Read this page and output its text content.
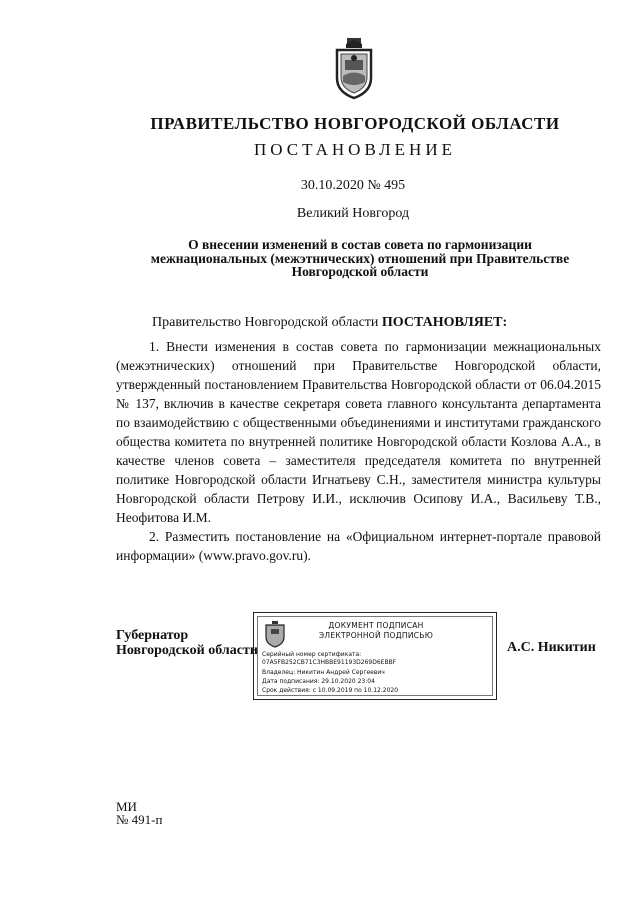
ПРАВИТЕЛЬСТВО НОВГОРОДСКОЙ ОБЛАСТИ
ПОСТАНОВЛЕНИЕ
30.10.2020 № 495
Великий Новгород
О внесении изменений в состав совета по гармонизации
межнациональных (межэтнических) отношений при Правительстве
Новгородской области
Правительство Новгородской области ПОСТАНОВЛЯЕТ:

1. Внести изменения в состав совета по гармонизации межнациональных (межэтнических) отношений при Правительстве Новгородской области, утвержденный постановлением Правительства Новгородской области от 06.04.2015 № 137, включив в качестве секретаря совета главного консультанта департамента по взаимодействию с общественными объединениями и институтами гражданского общества комитета по внутренней политике Новгородской области Козлова А.А., в качестве членов совета – заместителя председателя комитета по внутренней политике Новгородской области Игнатьеву С.Н., заместителя министра культуры Новгородской области Петрову И.И., исключив Осипову И.А., Васильеву Т.В., Неофитова И.М.

2. Разместить постановление на «Официальном интернет-портале правовой информации» (www.pravo.gov.ru).

Губернатор
Новгородской области
ДОКУМЕНТ ПОДПИСАН
ЭЛЕКТРОННОЙ ПОДПИСЬЮ
Серийный номер сертификата:
07A5FB252CB71C3HBBE91193D269D6EBBF
Владелец: Никитин Андрей Сергеевич
Дата подписания: 29.10.2020 23:04
Срок действия: с 10.09.2019 по 10.12.2020
А.С. Никитин
МИ
№ 491-п
